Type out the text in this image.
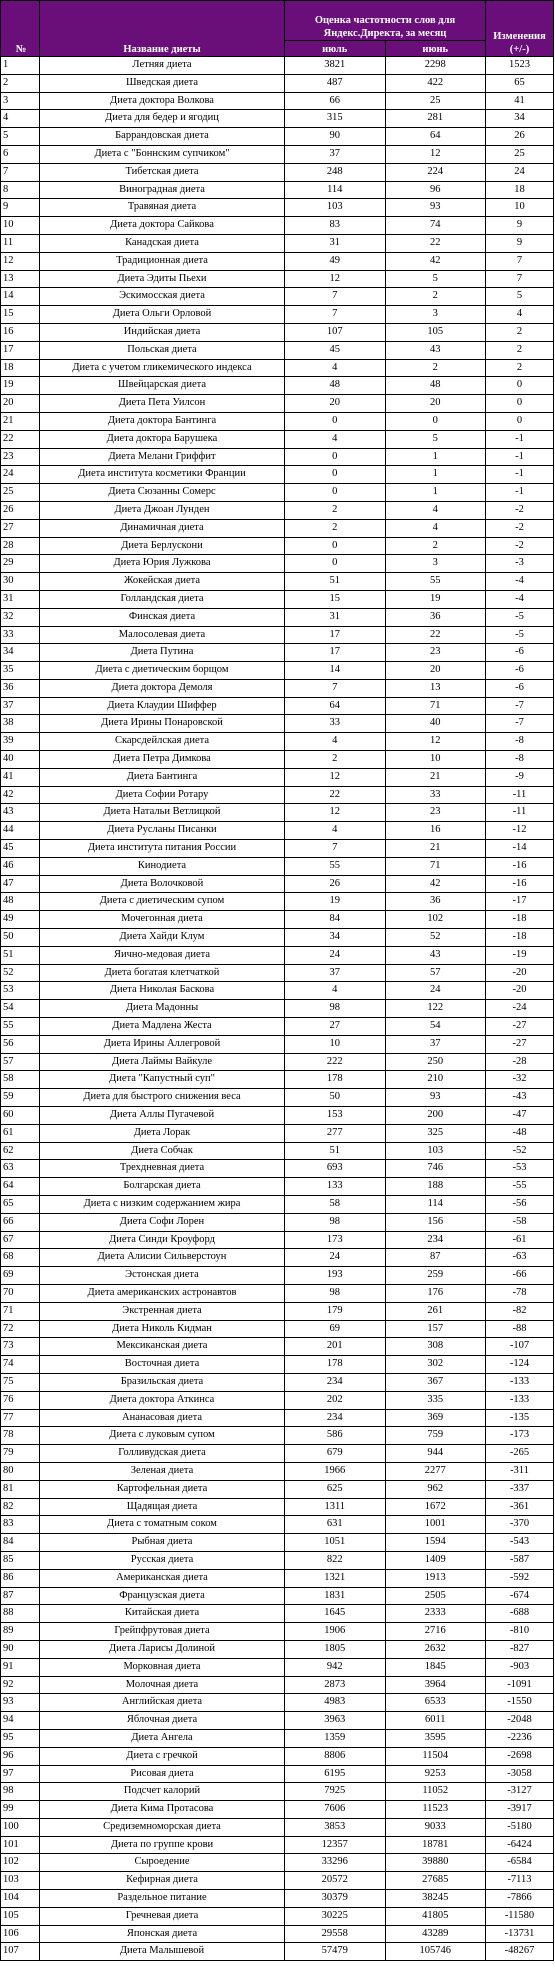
№	Название диеты	Оценка частотности слов для Яндекс.Директа, за месяц		Изменения
(+/-)
		июль	июнь	
1	Летняя диета	3821	2298	1523
2	Шведская диета	487	422	65
3	Диета доктора Волкова	66	25	41
4	Диета для бедер и ягодиц	315	281	34
5	Баррандовская диета	90	64	26
6	Диета с "Боннским супчиком"	37	12	25
7	Тибетская диета	248	224	24
8	Виноградная диета	114	96	18
9	Травяная диета	103	93	10
10	Диета доктора Сайкова	83	74	9
11	Канадская диета	31	22	9
12	Традиционная диета	49	42	7
13	Диета Эдиты Пьехи	12	5	7
14	Эскимосская диета	7	2	5
15	Диета Ольги Орловой	7	3	4
16	Индийская диета	107	105	2
17	Польская диета	45	43	2
18	Диета с учетом гликемического индекса	4	2	2
19	Швейцарская диета	48	48	0
20	Диета Пета Уилсон	20	20	0
21	Диета доктора Бантинга	0	0	0
22	Диета доктора Барушека	4	5	-1
23	Диета Мелани Гриффит	0	1	-1
24	Диета института косметики Франции	0	1	-1
25	Диета Сюзанны Сомерс	0	1	-1
26	Диета Джоан Лунден	2	4	-2
27	Динамичная диета	2	4	-2
28	Диета Берлускони	0	2	-2
29	Диета Юрия Лужкова	0	3	-3
30	Жокейская диета	51	55	-4
31	Голландская диета	15	19	-4
32	Финская диета	31	36	-5
33	Малосолевая диета	17	22	-5
34	Диета Путина	17	23	-6
35	Диета с диетическим борщом	14	20	-6
36	Диета доктора Демоля	7	13	-6
37	Диета Клаудии Шиффер	64	71	-7
38	Диета Ирины Понаровской	33	40	-7
39	Скарсдейлская диета	4	12	-8
40	Диета Петра Димкова	2	10	-8
41	Диета Бантинга	12	21	-9
42	Диета Софии Ротару	22	33	-11
43	Диета Натальи Ветлицкой	12	23	-11
44	Диета Русланы Писанки	4	16	-12
45	Диета института питания России	7	21	-14
46	Кинодиета	55	71	-16
47	Диета Волочковой	26	42	-16
48	Диета с диетическим супом	19	36	-17
49	Мочегонная диета	84	102	-18
50	Диета Хайди Клум	34	52	-18
51	Яично-медовая диета	24	43	-19
52	Диета богатая клетчаткой	37	57	-20
53	Диета Николая Баскова	4	24	-20
54	Диета Мадонны	98	122	-24
55	Диета Мадлена Жеста	27	54	-27
56	Диета Ирины Аллегровой	10	37	-27
57	Диета Лаймы Вайкуле	222	250	-28
58	Диета "Капустный суп"	178	210	-32
59	Диета для быстрого снижения веса	50	93	-43
60	Диета Аллы Пугачевой	153	200	-47
61	Диета Лорак	277	325	-48
62	Диета Собчак	51	103	-52
63	Трехдневная диета	693	746	-53
64	Болгарская диета	133	188	-55
65	Диета с низким содержанием жира	58	114	-56
66	Диета Софи Лорен	98	156	-58
67	Диета Синди Кроуфорд	173	234	-61
68	Диета Алисии Сильверстоун	24	87	-63
69	Эстонская диета	193	259	-66
70	Диета американских астронавтов	98	176	-78
71	Экстренная диета	179	261	-82
72	Диета Николь Кидман	69	157	-88
73	Мексиканская диета	201	308	-107
74	Восточная диета	178	302	-124
75	Бразильская диета	234	367	-133
76	Диета доктора Аткинса	202	335	-133
77	Ананасовая диета	234	369	-135
78	Диета с луковым супом	586	759	-173
79	Голливудская диета	679	944	-265
80	Зеленая диета	1966	2277	-311
81	Картофельная диета	625	962	-337
82	Щадящая диета	1311	1672	-361
83	Диета с томатным соком	631	1001	-370
84	Рыбная диета	1051	1594	-543
85	Русская диета	822	1409	-587
86	Американская диета	1321	1913	-592
87	Французская диета	1831	2505	-674
88	Китайская диета	1645	2333	-688
89	Грейпфрутовая диета	1906	2716	-810
90	Диета Ларисы Долиной	1805	2632	-827
91	Морковная диета	942	1845	-903
92	Молочная диета	2873	3964	-1091
93	Английская диета	4983	6533	-1550
94	Яблочная диета	3963	6011	-2048
95	Диета Ангела	1359	3595	-2236
96	Диета с гречкой	8806	11504	-2698
97	Рисовая диета	6195	9253	-3058
98	Подсчет калорий	7925	11052	-3127
99	Диета Кима Протасова	7606	11523	-3917
100	Средиземноморская диета	3853	9033	-5180
101	Диета по группе крови	12357	18781	-6424
102	Сыроедение	33296	39880	-6584
103	Кефирная диета	20572	27685	-7113
104	Раздельное питание	30379	38245	-7866
105	Гречневая диета	30225	41805	-11580
106	Японская диета	29558	43289	-13731
107	Диета Малышевой	57479	105746	-48267
